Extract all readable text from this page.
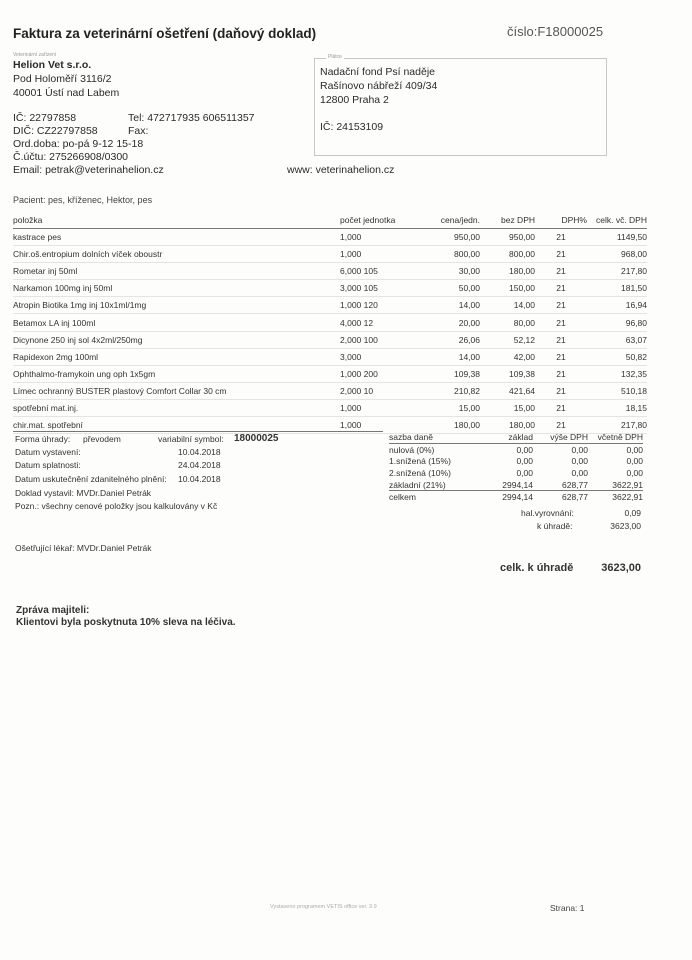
Faktura za veterinární ošetření (daňový doklad)	číslo:F18000025
Veterinární zařízení
Helion Vet s.r.o.
Pod Holoměří 3116/2
40001 Ústí nad Labem
IČ: 22797858
DIČ: CZ22797858
Ord.doba: po-pá 9-12 15-18
Č.účtu: 275266908/0300
Email: petrak@veterinahelion.cz
Tel: 472717935 606511357
Fax:
www: veterinahelion.cz
Plátce
Nadační fond Psí naděje
Rašínovo nábřeží 409/34
12800 Praha 2
IČ: 24153109
Pacient: pes, kříženec, Hektor, pes
položka	počet jednotka	cena/jedn.	bez DPH	DPH%	celk. vč. DPH
kastrace pes	1,000	950,00	950,00	21	1149,50
Chir.oš.entropium dolních víček oboustr	1,000	800,00	800,00	21	968,00
Rometar inj 50ml	6,000 105	30,00	180,00	21	217,80
Narkamon 100mg inj 50ml	3,000 105	50,00	150,00	21	181,50
Atropin Biotika 1mg inj 10x1ml/1mg	1,000 120	14,00	14,00	21	16,94
Betamox LA inj 100ml	4,000 12	20,00	80,00	21	96,80
Dicynone 250 inj sol 4x2ml/250mg	2,000 100	26,06	52,12	21	63,07
Rapidexon 2mg 100ml	3,000	14,00	42,00	21	50,82
Ophthalmo-framykoin ung oph 1x5gm	1,000 200	109,38	109,38	21	132,35
Límec ochranný BUSTER plastový Comfort Collar 30 cm	2,000 10	210,82	421,64	21	510,18
spotřební mat.inj.	1,000	15,00	15,00	21	18,15
chir.mat. spotřební	1,000	180,00	180,00	21	217,80
Forma úhrady: převodem	variabilní symbol: 18000025
Datum vystavení:	10.04.2018
Datum splatnosti:	24.04.2018
Datum uskutečnění zdanitelného plnění: 10.04.2018
Doklad vystavil: MVDr.Daniel Petrák
Pozn.: všechny cenové položky jsou kalkulovány v Kč
sazba daně	základ	výše DPH	včetně DPH
nulová (0%)	0,00	0,00	0,00
1.snížená (15%)	0,00	0,00	0,00
2.snížená (10%)	0,00	0,00	0,00
základní (21%)	2994,14	628,77	3622,91
celkem	2994,14	628,77	3622,91
hal.vyrovnání:	0,09
k úhradě:	3623,00
Ošetřující lékař: MVDr.Daniel Petrák
celk. k úhradě	3623,00
Zpráva majiteli:
Klientovi byla poskytnuta 10% sleva na léčiva.
Vystaveno programem VETIS office ver. 3.9	Strana: 1
